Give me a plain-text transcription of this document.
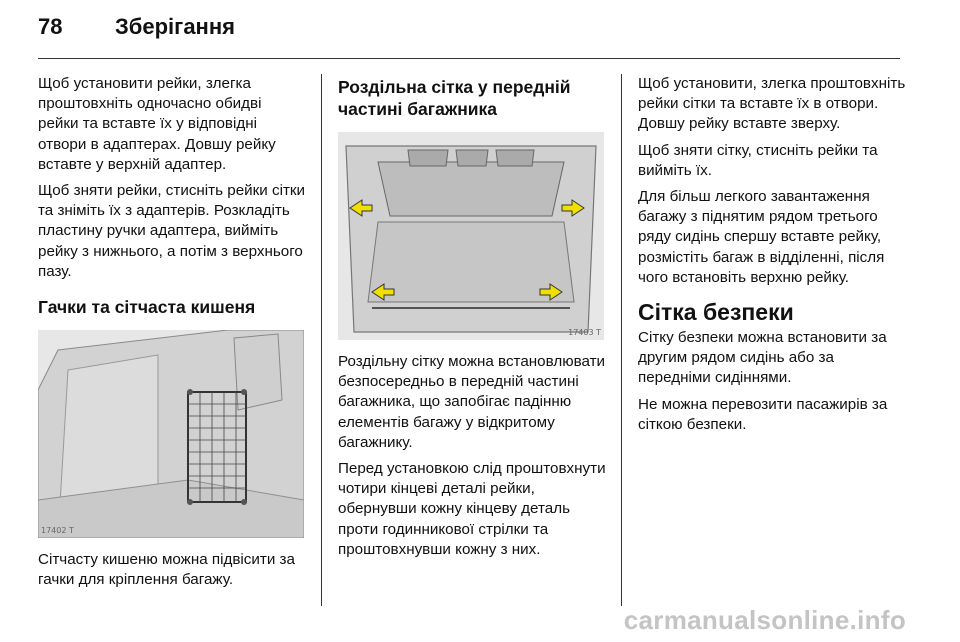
78	Зберігання

Щоб установити рейки, злегка проштовхніть одночасно обидві рейки та вставте їх у відповідні отвори в адаптерах. Довшу рейку вставте у верхній адаптер.

Щоб зняти рейки, стисніть рейки сітки та зніміть їх з адаптерів. Розкладіть пластину ручки адаптера, вийміть рейку з нижнього, а потім з верхнього пазу.

Гачки та сітчаста кишеня
17402 T

Сітчасту кишеню можна підвісити за гачки для кріплення багажу.

Роздільна сітка у передній частині багажника
17403 T

Роздільну сітку можна встановлювати безпосередньо в передній частині багажника, що запобігає падінню елементів багажу у відкритому багажнику.

Перед установкою слід проштовхнути чотири кінцеві деталі рейки, обернувши кожну кінцеву деталь проти годинникової стрілки та проштовхнувши кожну з них.

Щоб установити, злегка проштовхніть рейки сітки та вставте їх в отвори. Довшу рейку вставте зверху.

Щоб зняти сітку, стисніть рейки та вийміть їх.

Для більш легкого завантаження багажу з піднятим рядом третього ряду сидінь спершу вставте рейку, розмістіть багаж в відділенні, після чого встановіть верхню рейку.

Сітка безпеки

Сітку безпеки можна встановити за другим рядом сидінь або за передніми сидіннями.

Не можна перевозити пасажирів за сіткою безпеки.

carmanualsonline.info
